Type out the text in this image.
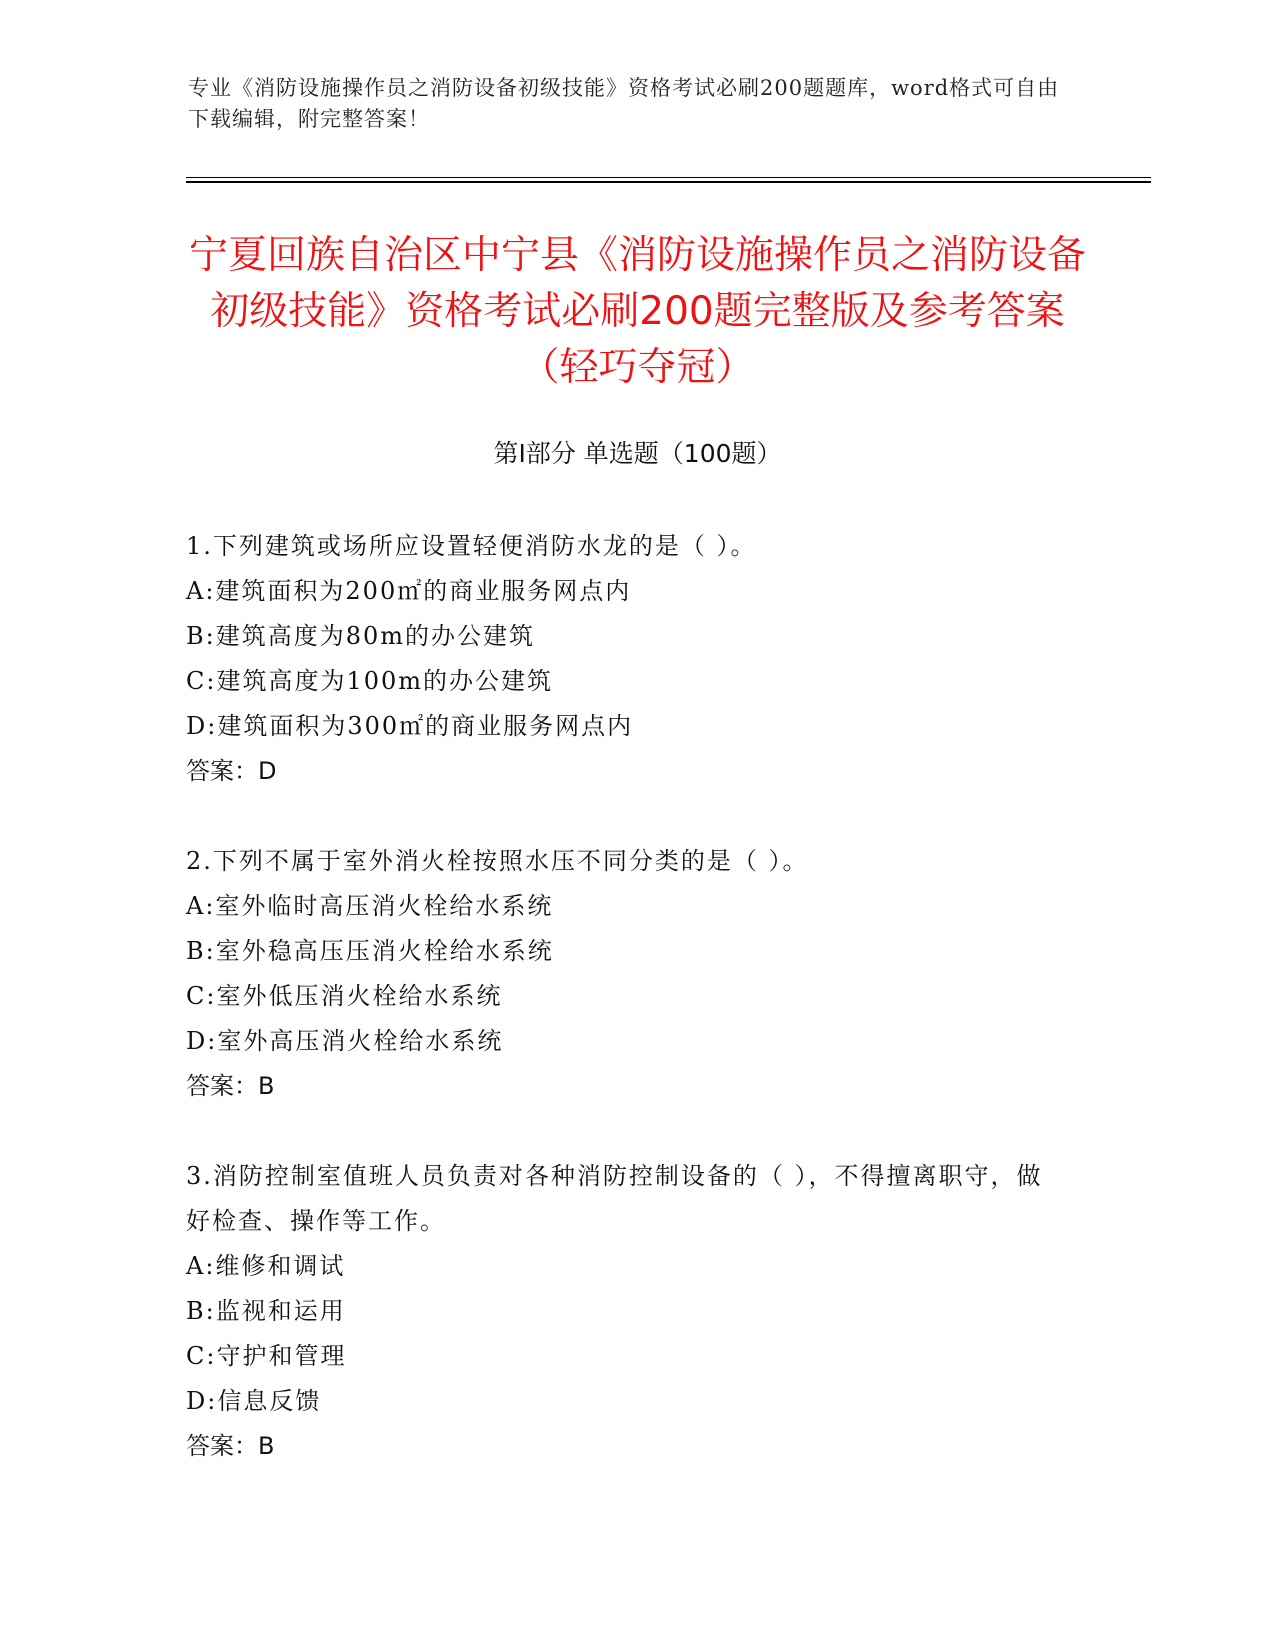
专业《消防设施操作员之消防设备初级技能》资格考试必刷200题题库，word格式可自由下载编辑，附完整答案！
宁夏回族自治区中宁县《消防设施操作员之消防设备初级技能》资格考试必刷200题完整版及参考答案（轻巧夺冠）
第Ⅰ部分 单选题（100题）

1.下列建筑或场所应设置轻便消防水龙的是（ ）。

A:建筑面积为200㎡的商业服务网点内

B:建筑高度为80m的办公建筑

C:建筑高度为100m的办公建筑

D:建筑面积为300㎡的商业服务网点内

答案：D

2.下列不属于室外消火栓按照水压不同分类的是（ ）。

A:室外临时高压消火栓给水系统

B:室外稳高压压消火栓给水系统

C:室外低压消火栓给水系统

D:室外高压消火栓给水系统

答案：B

3.消防控制室值班人员负责对各种消防控制设备的（ ），不得擅离职守，做好检查、操作等工作。

A:维修和调试

B:监视和运用

C:守护和管理

D:信息反馈

答案：B
